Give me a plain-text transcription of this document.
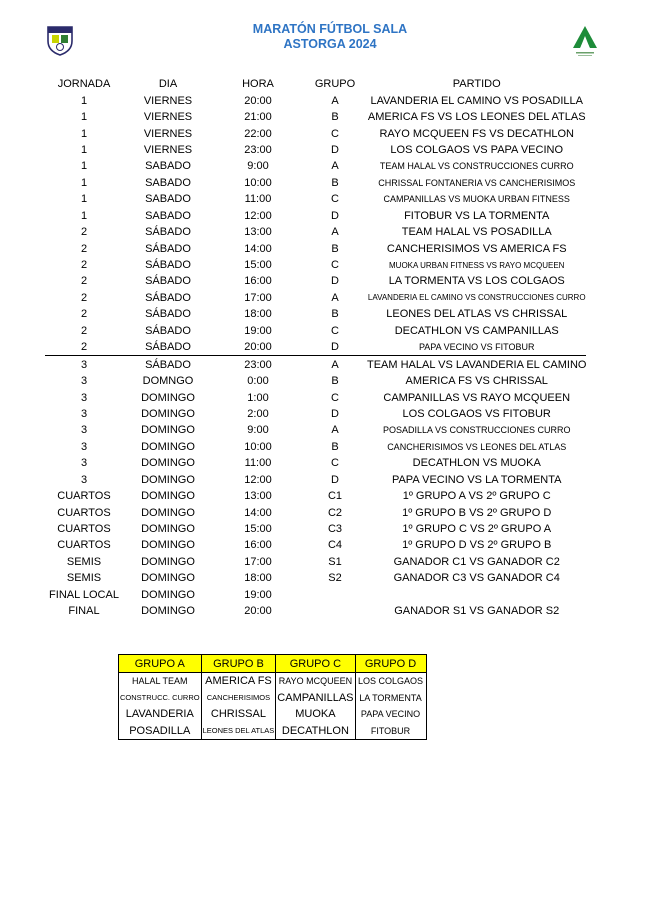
MARATÓN FÚTBOL SALA
ASTORGA 2024
JORNADA	DIA	HORA	GRUPO	PARTIDO
1	VIERNES	20:00	A	LAVANDERIA EL CAMINO VS POSADILLA
1	VIERNES	21:00	B	AMERICA FS VS LOS LEONES DEL ATLAS
1	VIERNES	22:00	C	RAYO MCQUEEN FS VS DECATHLON
1	VIERNES	23:00	D	LOS COLGAOS VS PAPA VECINO
1	SABADO	9:00	A	TEAM HALAL VS CONSTRUCCIONES CURRO
1	SABADO	10:00	B	CHRISSAL FONTANERIA VS CANCHERISIMOS
1	SABADO	11:00	C	CAMPANILLAS VS MUOKA URBAN FITNESS
1	SABADO	12:00	D	FITOBUR VS LA TORMENTA
2	SÁBADO	13:00	A	TEAM HALAL VS POSADILLA
2	SÁBADO	14:00	B	CANCHERISIMOS VS AMERICA FS
2	SÁBADO	15:00	C	MUOKA URBAN FITNESS VS RAYO MCQUEEN
2	SÁBADO	16:00	D	LA TORMENTA VS LOS COLGAOS
2	SÁBADO	17:00	A	LAVANDERIA EL CAMINO VS CONSTRUCCIONES CURRO
2	SÁBADO	18:00	B	LEONES DEL ATLAS VS CHRISSAL
2	SÁBADO	19:00	C	DECATHLON VS CAMPANILLAS
2	SÁBADO	20:00	D	PAPA VECINO VS FITOBUR
3	SÁBADO	23:00	A	TEAM HALAL VS LAVANDERIA EL CAMINO
3	DOMNGO	0:00	B	AMERICA FS VS CHRISSAL
3	DOMINGO	1:00	C	CAMPANILLAS VS RAYO MCQUEEN
3	DOMINGO	2:00	D	LOS COLGAOS VS FITOBUR
3	DOMINGO	9:00	A	POSADILLA VS CONSTRUCCIONES CURRO
3	DOMINGO	10:00	B	CANCHERISIMOS VS LEONES DEL ATLAS
3	DOMINGO	11:00	C	DECATHLON VS MUOKA
3	DOMINGO	12:00	D	PAPA VECINO VS LA TORMENTA
CUARTOS	DOMINGO	13:00	C1	1º GRUPO A VS 2º GRUPO C
CUARTOS	DOMINGO	14:00	C2	1º GRUPO B VS 2º GRUPO D
CUARTOS	DOMINGO	15:00	C3	1º GRUPO C VS 2º GRUPO A
CUARTOS	DOMINGO	16:00	C4	1º GRUPO D VS 2º GRUPO B
SEMIS	DOMINGO	17:00	S1	GANADOR C1 VS GANADOR C2
SEMIS	DOMINGO	18:00	S2	GANADOR C3 VS GANADOR C4
FINAL LOCAL	DOMINGO	19:00		
FINAL	DOMINGO	20:00		GANADOR S1 VS GANADOR S2
GRUPO A	GRUPO B	GRUPO C	GRUPO D
HALAL TEAM	AMERICA FS	RAYO MCQUEEN	LOS COLGAOS
CONSTRUCC. CURRO	CANCHERISIMOS	CAMPANILLAS	LA TORMENTA
LAVANDERIA	CHRISSAL	MUOKA	PAPA VECINO
POSADILLA	LEONES DEL ATLAS	DECATHLON	FITOBUR
